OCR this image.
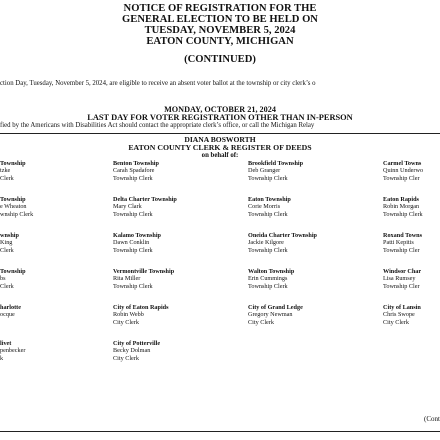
NOTICE OF REGISTRATION FOR THE
GENERAL ELECTION TO BE HELD ON
TUESDAY, NOVEMBER 5, 2024
EATON COUNTY, MICHIGAN
(CONTINUED)
ction Day, Tuesday, November 5, 2024, are eligible to receive an absent voter ballot at the township or city clerk’s o
MONDAY, OCTOBER 21, 2024
LAST DAY FOR VOTER REGISTRATION OTHER THAN IN-PERSON
fied by the Americans with Disabilities Act should contact the appropriate clerk’s office, or call the Michigan Relay
DIANA BOSWORTH
EATON COUNTY CLERK & REGISTER OF DEEDS
on behalf of:
Township
tzke
Clerk
Township
e Wheaton
wnship Clerk
wnship
King
Clerk
Township
bs
Clerk
harlotte
ocque
livet
penbecker
k
Benton Township
Carah Spadafore
Township Clerk
Delta Charter Township
Mary Clark
Township Clerk
Kalamo Township
Dawn Conklin
Township Clerk
Vermontville Township
Rita Miller
Township Clerk
City of Eaton Rapids
Robin Webb
City Clerk
City of Potterville
Becky Dolman
City Clerk
Brookfield Township
Deb Granger
Township Clerk
Eaton Township
Corie Morris
Township Clerk
Oneida Charter Township
Jackie Kilgore
Township Clerk
Walton Township
Erin Cummings
Township Clerk
City of Grand Ledge
Gregory Newman
City Clerk
Carmel Towns
Quinn Underwo
Township Cler
Eaton Rapids
Robin Morgan
Township Clerk
Roxand Towns
Patti Kepitis
Township Cler
Windsor Char
Lisa Rumsey
Township Cler
City of Lansin
Chris Swope
City Clerk
(Cont
